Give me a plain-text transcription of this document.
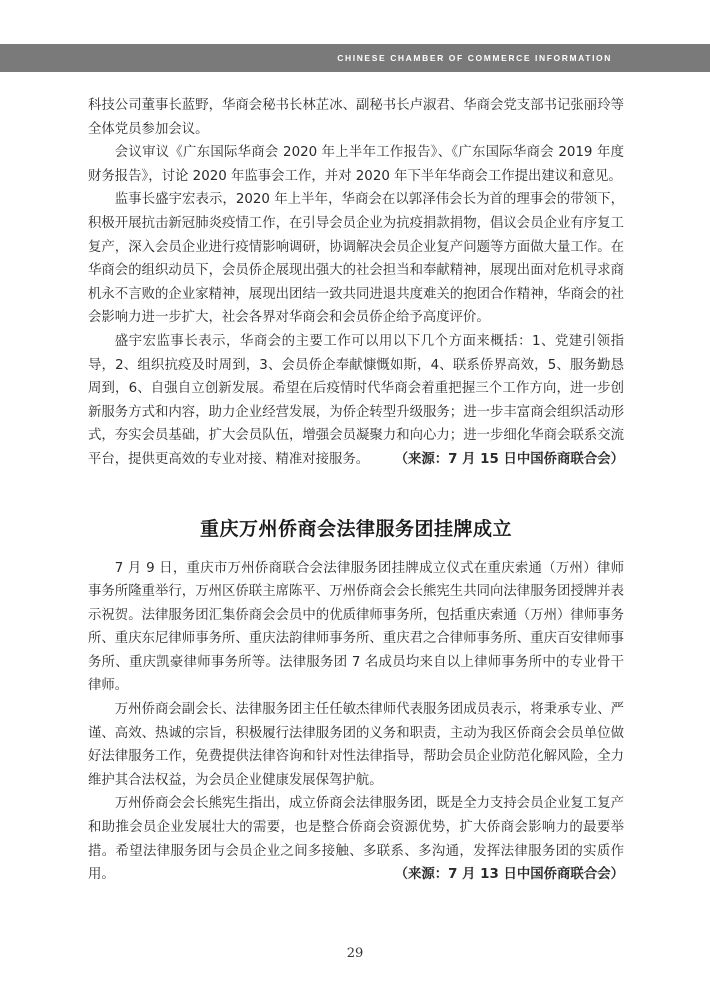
CHINESE CHAMBER OF COMMERCE INFORMATION

科技公司董事长蓝野，华商会秘书长林芷冰、副秘书长卢淑君、华商会党支部书记张丽玲等全体党员参加会议。

会议审议《广东国际华商会 2020 年上半年工作报告》、《广东国际华商会 2019 年度财务报告》，讨论 2020 年监事会工作，并对 2020 年下半年华商会工作提出建议和意见。

监事长盛宇宏表示，2020 年上半年，华商会在以郭泽伟会长为首的理事会的带领下，积极开展抗击新冠肺炎疫情工作，在引导会员企业为抗疫捐款捐物，倡议会员企业有序复工复产，深入会员企业进行疫情影响调研，协调解决会员企业复产问题等方面做大量工作。在华商会的组织动员下，会员侨企展现出强大的社会担当和奉献精神，展现出面对危机寻求商机永不言败的企业家精神，展现出团结一致共同进退共度难关的抱团合作精神，华商会的社会影响力进一步扩大，社会各界对华商会和会员侨企给予高度评价。

盛宇宏监事长表示，华商会的主要工作可以用以下几个方面来概括：1、党建引领指导，2、组织抗疫及时周到，3、会员侨企奉献慷慨如斯，4、联系侨界高效，5、服务勤恳周到，6、自强自立创新发展。希望在后疫情时代华商会着重把握三个工作方向，进一步创新服务方式和内容，助力企业经营发展，为侨企转型升级服务；进一步丰富商会组织活动形式，夯实会员基础，扩大会员队伍，增强会员凝聚力和向心力；进一步细化华商会联系交流平台，提供更高效的专业对接、精准对接服务。	（来源：7 月 15 日中国侨商联合会）

重庆万州侨商会法律服务团挂牌成立

7 月 9 日，重庆市万州侨商联合会法律服务团挂牌成立仪式在重庆索通（万州）律师事务所隆重举行，万州区侨联主席陈平、万州侨商会会长熊宪生共同向法律服务团授牌并表示祝贺。法律服务团汇集侨商会会员中的优质律师事务所，包括重庆索通（万州）律师事务所、重庆东尼律师事务所、重庆法韵律师事务所、重庆君之合律师事务所、重庆百安律师事务所、重庆凯豪律师事务所等。法律服务团 7 名成员均来自以上律师事务所中的专业骨干律师。

万州侨商会副会长、法律服务团主任任敏杰律师代表服务团成员表示，将秉承专业、严谨、高效、热诚的宗旨，积极履行法律服务团的义务和职责，主动为我区侨商会会员单位做好法律服务工作，免费提供法律咨询和针对性法律指导，帮助会员企业防范化解风险，全力维护其合法权益，为会员企业健康发展保驾护航。

万州侨商会会长熊宪生指出，成立侨商会法律服务团，既是全力支持会员企业复工复产和助推会员企业发展壮大的需要，也是整合侨商会资源优势，扩大侨商会影响力的最要举措。希望法律服务团与会员企业之间多接触、多联系、多沟通，发挥法律服务团的实质作用。	（来源：7 月 13 日中国侨商联合会）

29
